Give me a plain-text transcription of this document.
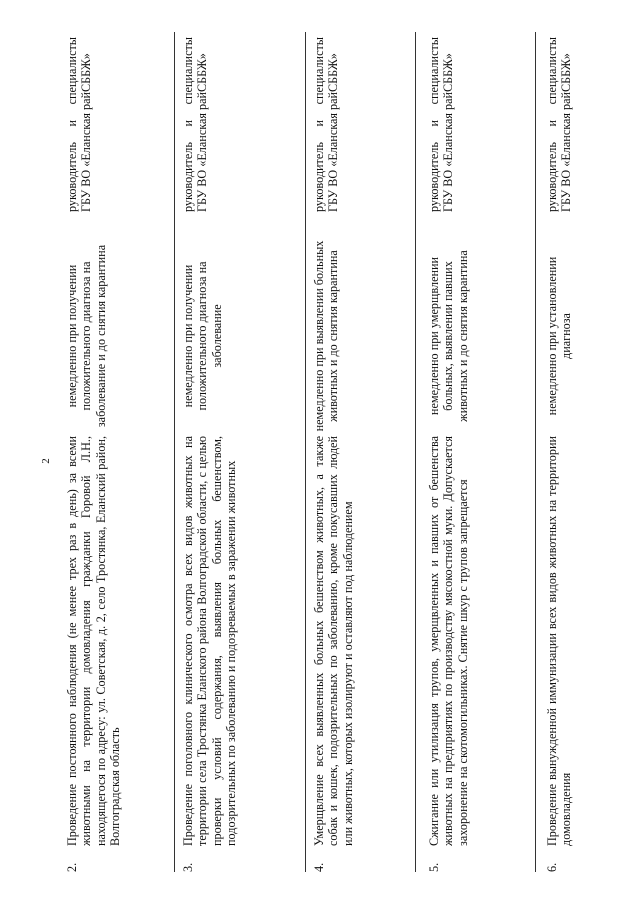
2
2.
Проведение постоянного наблюдения (не менее трех раз в день) за всеми животными на территории домовладения гражданки Горовой Л.Н., находящегося по адресу: ул. Советская, д. 2, село Тростянка, Еланский район, Волгоградская область
немедленно при получении положительного диагноза на заболевание и до снятия карантина
руководитель и специалисты ГБУ ВО «Еланская райСББЖ»
3.
Проведение поголовного клинического осмотра всех видов животных на территории села Тростянка Еланского района Волгоградской области, с целью проверки условий содержания, выявления больных бешенством, подозрительных по заболеванию и подозреваемых в заражении животных
немедленно при получении положительного диагноза на заболевание
руководитель и специалисты ГБУ ВО «Еланская райСББЖ»
4.
Умерщвление всех выявленных больных бешенством животных, а также собак и кошек, подозрительных по заболеванию, кроме покусавших людей или животных, которых изолируют и оставляют под наблюдением
немедленно при выявлении больных животных и до снятия карантина
руководитель и специалисты ГБУ ВО «Еланская райСББЖ»
5.
Сжигание или утилизация трупов, умерщвленных и павших от бешенства животных на предприятиях по производству мясокостной муки. Допускается захоронение на скотомогильниках. Снятие шкур с трупов запрещается
немедленно при умерщвлении больных, выявлении павших животных и до снятия карантина
руководитель и специалисты ГБУ ВО «Еланская райСББЖ»
6.
Проведение вынужденной иммунизации всех видов животных на территории домовладения
немедленно при установлении диагноза
руководитель и специалисты ГБУ ВО «Еланская райСББЖ»
